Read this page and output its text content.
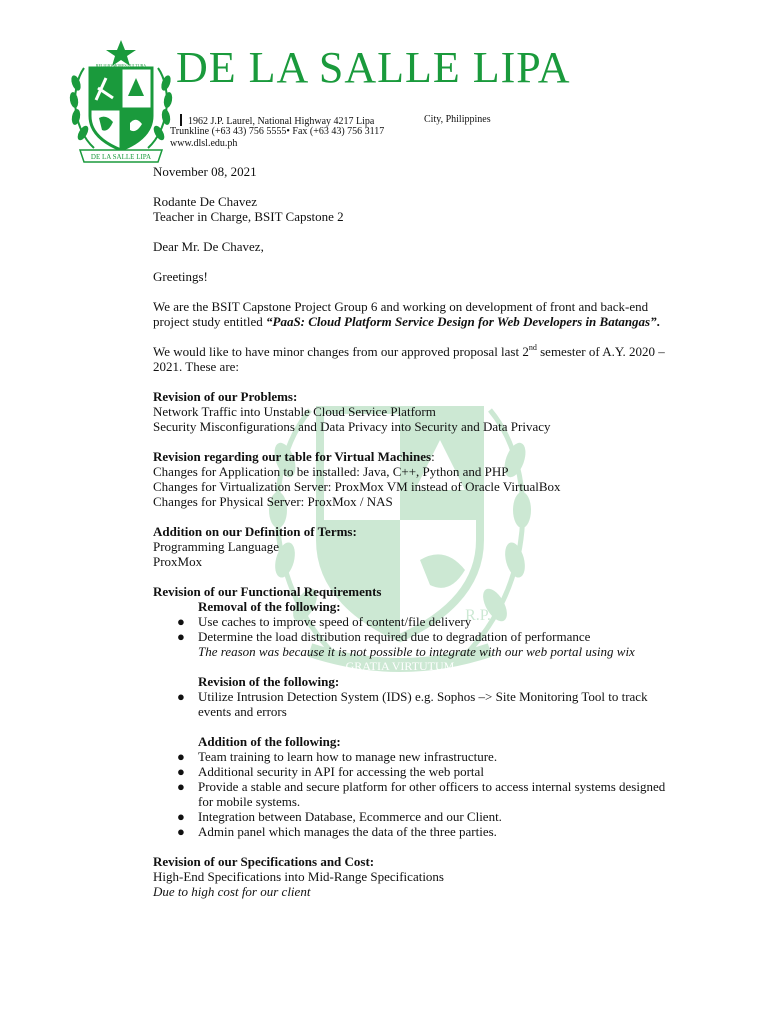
DE LA SALLE LIPA
RELIGIO MORES CULTURA
GRATIA VIRTUTUM
R.P.
DE LA SALLE LIPA
1962 J.P. Laurel, National Highway 4217 Lipa	City, Philippines
Trunkline (+63 43) 756 5555• Fax (+63 43) 756 3117
www.dlsl.edu.ph

November 08, 2021

Rodante De Chavez

Teacher in Charge, BSIT Capstone 2

Dear Mr. De Chavez,

Greetings!

We are the BSIT Capstone Project Group 6 and working on development of front and back-end project study entitled “PaaS: Cloud Platform Service Design for Web Developers in Batangas”.

We would like to have minor changes from our approved proposal last 2nd semester of A.Y. 2020 – 2021. These are:

Revision of our Problems:

Network Traffic into Unstable Cloud Service Platform

Security Misconfigurations and Data Privacy into Security and Data Privacy

Revision regarding our table for Virtual Machines:

Changes for Application to be installed: Java, C++, Python and PHP

Changes for Virtualization Server: ProxMox VM instead of Oracle VirtualBox

Changes for Physical Server: ProxMox / NAS

Addition on our Definition of Terms:

Programming Language

ProxMox

Revision of our Functional Requirements

Removal of the following:

● Use caches to improve speed of content/file delivery
● Determine the load distribution required due to degradation of performance

The reason was because it is not possible to integrate with our web portal using wix

Revision of the following:

● Utilize Intrusion Detection System (IDS) e.g. Sophos –> Site Monitoring Tool to track events and errors

Addition of the following:

● Team training to learn how to manage new infrastructure.
● Additional security in API for accessing the web portal
● Provide a stable and secure platform for other officers to access internal systems designed for mobile systems.
● Integration between Database, Ecommerce and our Client.
● Admin panel which manages the data of the three parties.

Revision of our Specifications and Cost:

High-End Specifications into Mid-Range Specifications

Due to high cost for our client
